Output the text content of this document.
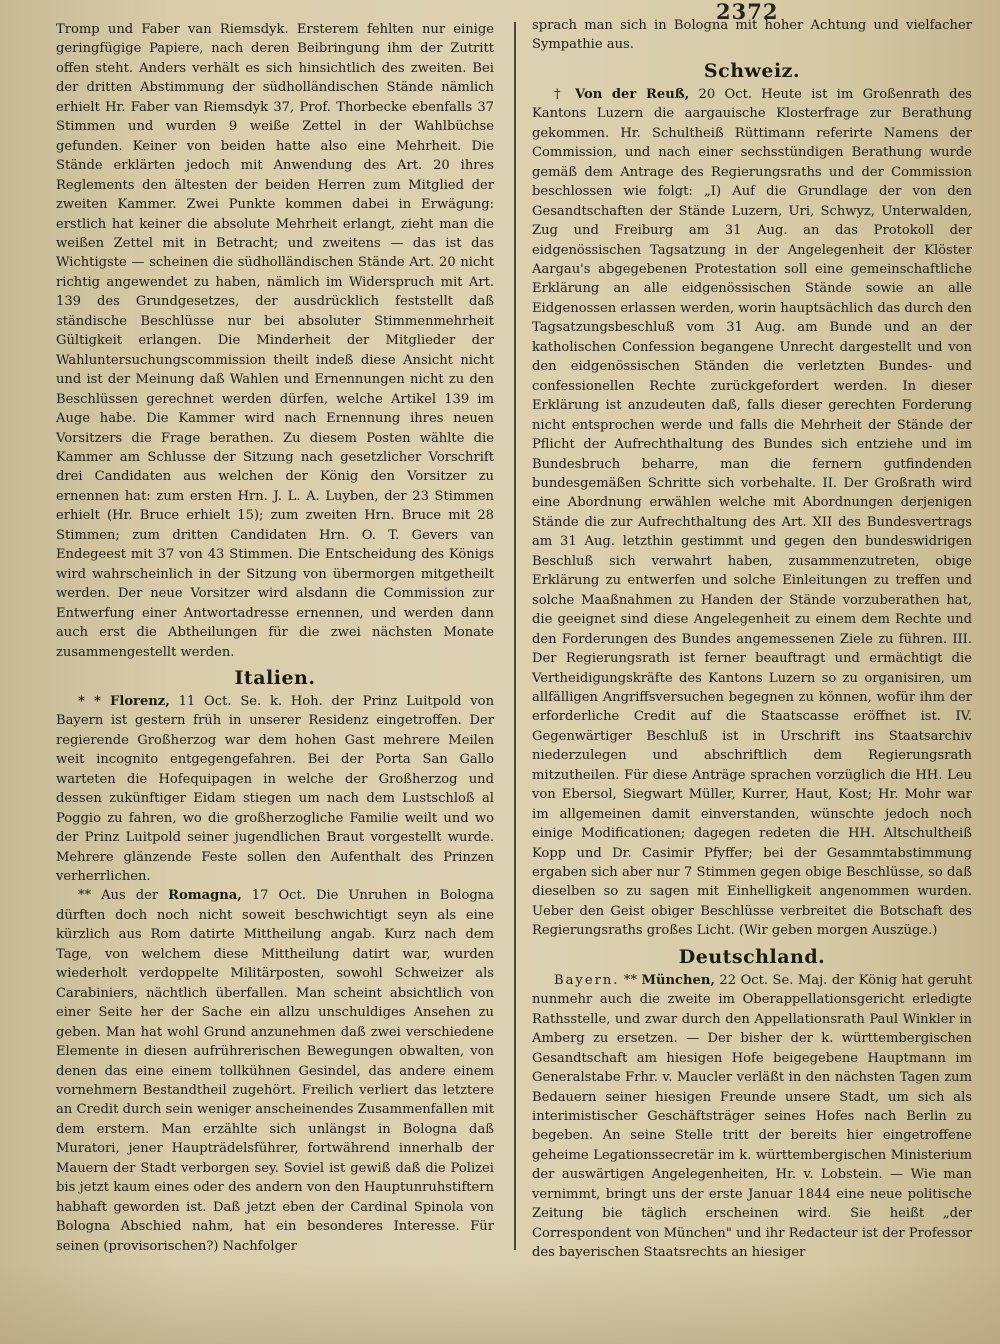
2372

Tromp und Faber van Riemsdyk. Ersterem fehlten nur einige geringfügige Papiere, nach deren Beibringung ihm der Zutritt offen steht. Anders verhält es sich hinsichtlich des zweiten. Bei der dritten Abstimmung der südholländischen Stände nämlich erhielt Hr. Faber van Riemsdyk 37, Prof. Thorbecke ebenfalls 37 Stimmen und wurden 9 weiße Zettel in der Wahlbüchse gefunden. Keiner von beiden hatte also eine Mehrheit. Die Stände erklärten jedoch mit Anwendung des Art. 20 ihres Reglements den ältesten der beiden Herren zum Mitglied der zweiten Kammer. Zwei Punkte kommen dabei in Erwägung: erstlich hat keiner die absolute Mehrheit erlangt, zieht man die weißen Zettel mit in Betracht; und zweitens — das ist das Wichtigste — scheinen die südholländischen Stände Art. 20 nicht richtig angewendet zu haben, nämlich im Widerspruch mit Art. 139 des Grundgesetzes, der ausdrücklich feststellt daß ständische Beschlüsse nur bei absoluter Stimmenmehrheit Gültigkeit erlangen. Die Minderheit der Mitglieder der Wahluntersuchungscommission theilt indeß diese Ansicht nicht und ist der Meinung daß Wahlen und Ernennungen nicht zu den Beschlüssen gerechnet werden dürfen, welche Artikel 139 im Auge habe. Die Kammer wird nach Ernennung ihres neuen Vorsitzers die Frage berathen. Zu diesem Posten wählte die Kammer am Schlusse der Sitzung nach gesetzlicher Vorschrift drei Candidaten aus welchen der König den Vorsitzer zu ernennen hat: zum ersten Hrn. J. L. A. Luyben, der 23 Stimmen erhielt (Hr. Bruce erhielt 15); zum zweiten Hrn. Bruce mit 28 Stimmen; zum dritten Candidaten Hrn. O. T. Gevers van Endegeest mit 37 von 43 Stimmen. Die Entscheidung des Königs wird wahrscheinlich in der Sitzung von übermorgen mitgetheilt werden. Der neue Vorsitzer wird alsdann die Commission zur Entwerfung einer Antwortadresse ernennen, und werden dann auch erst die Abtheilungen für die zwei nächsten Monate zusammengestellt werden.

Italien.

* * Florenz, 11 Oct. Se. k. Hoh. der Prinz Luitpold von Bayern ist gestern früh in unserer Residenz eingetroffen. Der regierende Großherzog war dem hohen Gast mehrere Meilen weit incognito entgegengefahren. Bei der Porta San Gallo warteten die Hofequipagen in welche der Großherzog und dessen zukünftiger Eidam stiegen um nach dem Lustschloß al Poggio zu fahren, wo die großherzogliche Familie weilt und wo der Prinz Luitpold seiner jugendlichen Braut vorgestellt wurde. Mehrere glänzende Feste sollen den Aufenthalt des Prinzen verherrlichen.

** Aus der Romagna, 17 Oct. Die Unruhen in Bologna dürften doch noch nicht soweit beschwichtigt seyn als eine kürzlich aus Rom datirte Mittheilung angab. Kurz nach dem Tage, von welchem diese Mittheilung datirt war, wurden wiederholt verdoppelte Militärposten, sowohl Schweizer als Carabiniers, nächtlich überfallen. Man scheint absichtlich von einer Seite her der Sache ein allzu unschuldiges Ansehen zu geben. Man hat wohl Grund anzunehmen daß zwei verschiedene Elemente in diesen aufrührerischen Bewegungen obwalten, von denen das eine einem tollkühnen Gesindel, das andere einem vornehmern Bestandtheil zugehört. Freilich verliert das letztere an Credit durch sein weniger anscheinendes Zusammenfallen mit dem erstern. Man erzählte sich unlängst in Bologna daß Muratori, jener Haupträdelsführer, fortwährend innerhalb der Mauern der Stadt verborgen sey. Soviel ist gewiß daß die Polizei bis jetzt kaum eines oder des andern von den Hauptunruhstiftern habhaft geworden ist. Daß jetzt eben der Cardinal Spinola von Bologna Abschied nahm, hat ein besonderes Interesse. Für seinen (provisorischen?) Nachfolger

sprach man sich in Bologna mit hoher Achtung und vielfacher Sympathie aus.

Schweiz.

† Von der Reuß, 20 Oct. Heute ist im Großenrath des Kantons Luzern die aargauische Klosterfrage zur Berathung gekommen. Hr. Schultheiß Rüttimann referirte Namens der Commission, und nach einer sechsstündigen Berathung wurde gemäß dem Antrage des Regierungsraths und der Commission beschlossen wie folgt: „I) Auf die Grundlage der von den Gesandtschaften der Stände Luzern, Uri, Schwyz, Unterwalden, Zug und Freiburg am 31 Aug. an das Protokoll der eidgenössischen Tagsatzung in der Angelegenheit der Klöster Aargau's abgegebenen Protestation soll eine gemeinschaftliche Erklärung an alle eidgenössischen Stände sowie an alle Eidgenossen erlassen werden, worin hauptsächlich das durch den Tagsatzungsbeschluß vom 31 Aug. am Bunde und an der katholischen Confession begangene Unrecht dargestellt und von den eidgenössischen Ständen die verletzten Bundes- und confessionellen Rechte zurückgefordert werden. In dieser Erklärung ist anzudeuten daß, falls dieser gerechten Forderung nicht entsprochen werde und falls die Mehrheit der Stände der Pflicht der Aufrechthaltung des Bundes sich entziehe und im Bundesbruch beharre, man die fernern gutfindenden bundesgemäßen Schritte sich vorbehalte. II. Der Großrath wird eine Abordnung erwählen welche mit Abordnungen derjenigen Stände die zur Aufrechthaltung des Art. XII des Bundesvertrags am 31 Aug. letzthin gestimmt und gegen den bundeswidrigen Beschluß sich verwahrt haben, zusammenzutreten, obige Erklärung zu entwerfen und solche Einleitungen zu treffen und solche Maaßnahmen zu Handen der Stände vorzuberathen hat, die geeignet sind diese Angelegenheit zu einem dem Rechte und den Forderungen des Bundes angemessenen Ziele zu führen. III. Der Regierungsrath ist ferner beauftragt und ermächtigt die Vertheidigungskräfte des Kantons Luzern so zu organisiren, um allfälligen Angriffsversuchen begegnen zu können, wofür ihm der erforderliche Credit auf die Staatscasse eröffnet ist. IV. Gegenwärtiger Beschluß ist in Urschrift ins Staatsarchiv niederzulegen und abschriftlich dem Regierungsrath mitzutheilen. Für diese Anträge sprachen vorzüglich die HH. Leu von Ebersol, Siegwart Müller, Kurrer, Haut, Kost; Hr. Mohr war im allgemeinen damit einverstanden, wünschte jedoch noch einige Modificationen; dagegen redeten die HH. Altschultheiß Kopp und Dr. Casimir Pfyffer; bei der Gesammtabstimmung ergaben sich aber nur 7 Stimmen gegen obige Beschlüsse, so daß dieselben so zu sagen mit Einhelligkeit angenommen wurden. Ueber den Geist obiger Beschlüsse verbreitet die Botschaft des Regierungsraths großes Licht. (Wir geben morgen Auszüge.)

Deutschland.

Bayern. ** München, 22 Oct. Se. Maj. der König hat geruht nunmehr auch die zweite im Oberappellationsgericht erledigte Rathsstelle, und zwar durch den Appellationsrath Paul Winkler in Amberg zu ersetzen. — Der bisher der k. württembergischen Gesandtschaft am hiesigen Hofe beigegebene Hauptmann im Generalstabe Frhr. v. Maucler verläßt in den nächsten Tagen zum Bedauern seiner hiesigen Freunde unsere Stadt, um sich als interimistischer Geschäftsträger seines Hofes nach Berlin zu begeben. An seine Stelle tritt der bereits hier eingetroffene geheime Legationssecretär im k. württembergischen Ministerium der auswärtigen Angelegenheiten, Hr. v. Lobstein. — Wie man vernimmt, bringt uns der erste Januar 1844 eine neue politische Zeitung bie täglich erscheinen wird. Sie heißt „der Correspondent von München" und ihr Redacteur ist der Professor des bayerischen Staatsrechts an hiesiger
